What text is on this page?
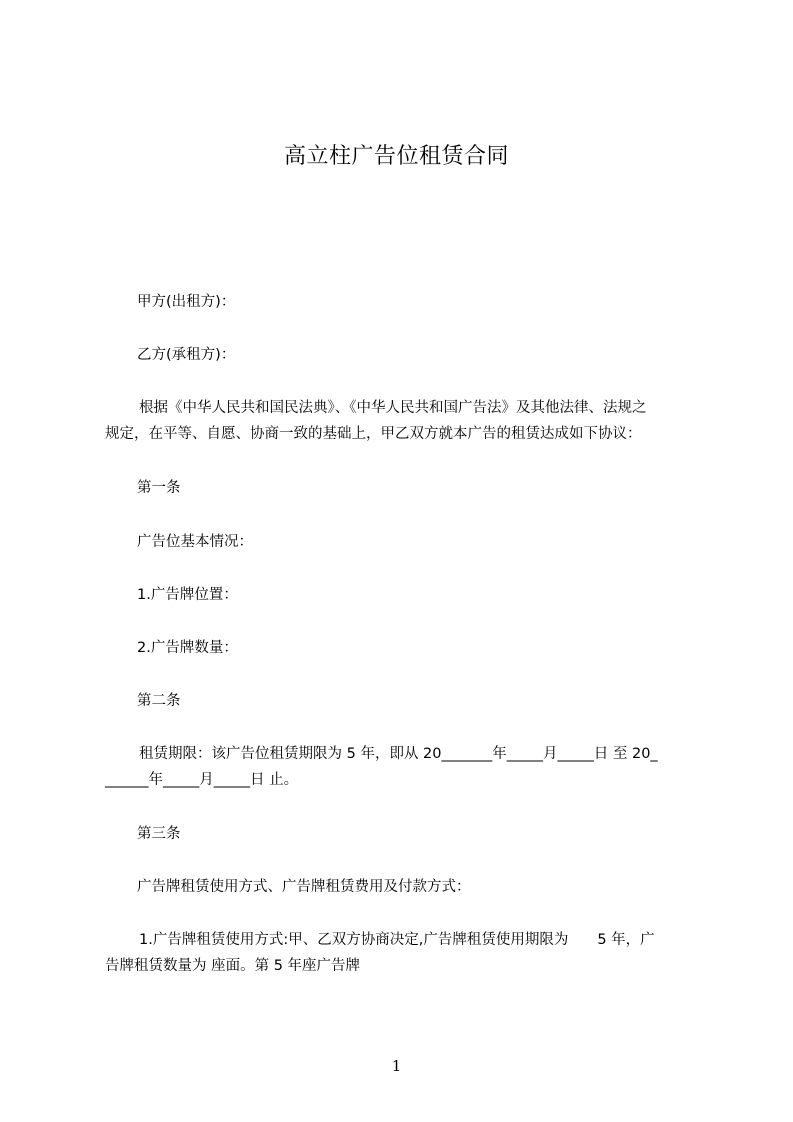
高立柱广告位租赁合同
甲方(出租方)：
乙方(承租方)：
根据《中华人民共和国民法典》、《中华人民共和国广告法》及其他法律、法规之
规定，在平等、自愿、协商一致的基础上，甲乙双方就本广告的租赁达成如下协议：
第一条
广告位基本情况：
1.广告牌位置：
2.广告牌数量：
第二条
租赁期限：该广告位租赁期限为 5 年，即从 20_______年_____月_____日 至 20_
______年_____月_____日 止。
第三条
广告牌租赁使用方式、广告牌租赁费用及付款方式：
1.广告牌租赁使用方式:甲、乙双方协商决定,广告牌租赁使用期限为　　5 年，广
告牌租赁数量为 座面。第 5 年座广告牌
1
